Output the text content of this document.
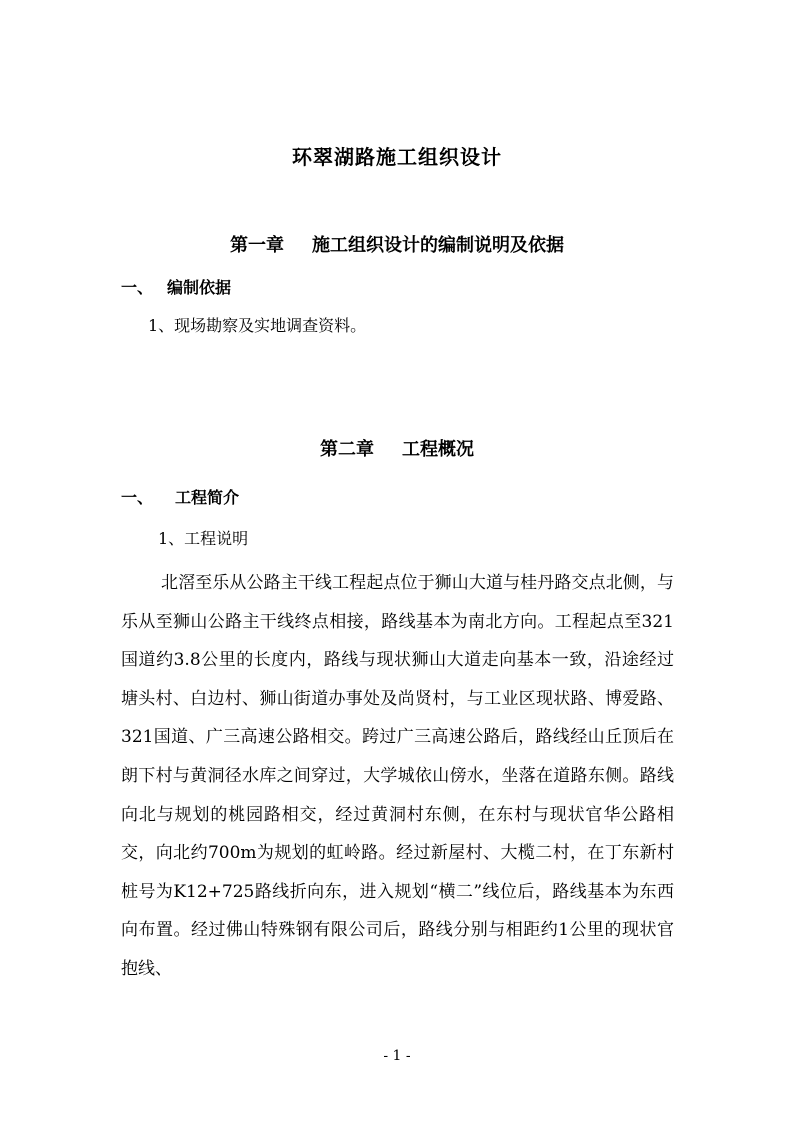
环翠湖路施工组织设计
第一章 施工组织设计的编制说明及依据
一、 编制依据
1、现场勘察及实地调查资料。
第二章 工程概况
一、 工程简介
1、工程说明
北滘至乐从公路主干线工程起点位于狮山大道与桂丹路交点北侧，与乐从至狮山公路主干线终点相接，路线基本为南北方向。工程起点至321国道约3.8公里的长度内，路线与现状狮山大道走向基本一致，沿途经过塘头村、白边村、狮山街道办事处及尚贤村，与工业区现状路、博爱路、321国道、广三高速公路相交。跨过广三高速公路后，路线经山丘顶后在朗下村与黄洞径水库之间穿过，大学城依山傍水，坐落在道路东侧。路线向北与规划的桃园路相交，经过黄洞村东侧，在东村与现状官华公路相交，向北约700m为规划的虹岭路。经过新屋村、大榄二村，在丁东新村桩号为K12+725路线折向东，进入规划“横二”线位后，路线基本为东西向布置。经过佛山特殊钢有限公司后，路线分别与相距约1公里的现状官抱线、
- 1 -
